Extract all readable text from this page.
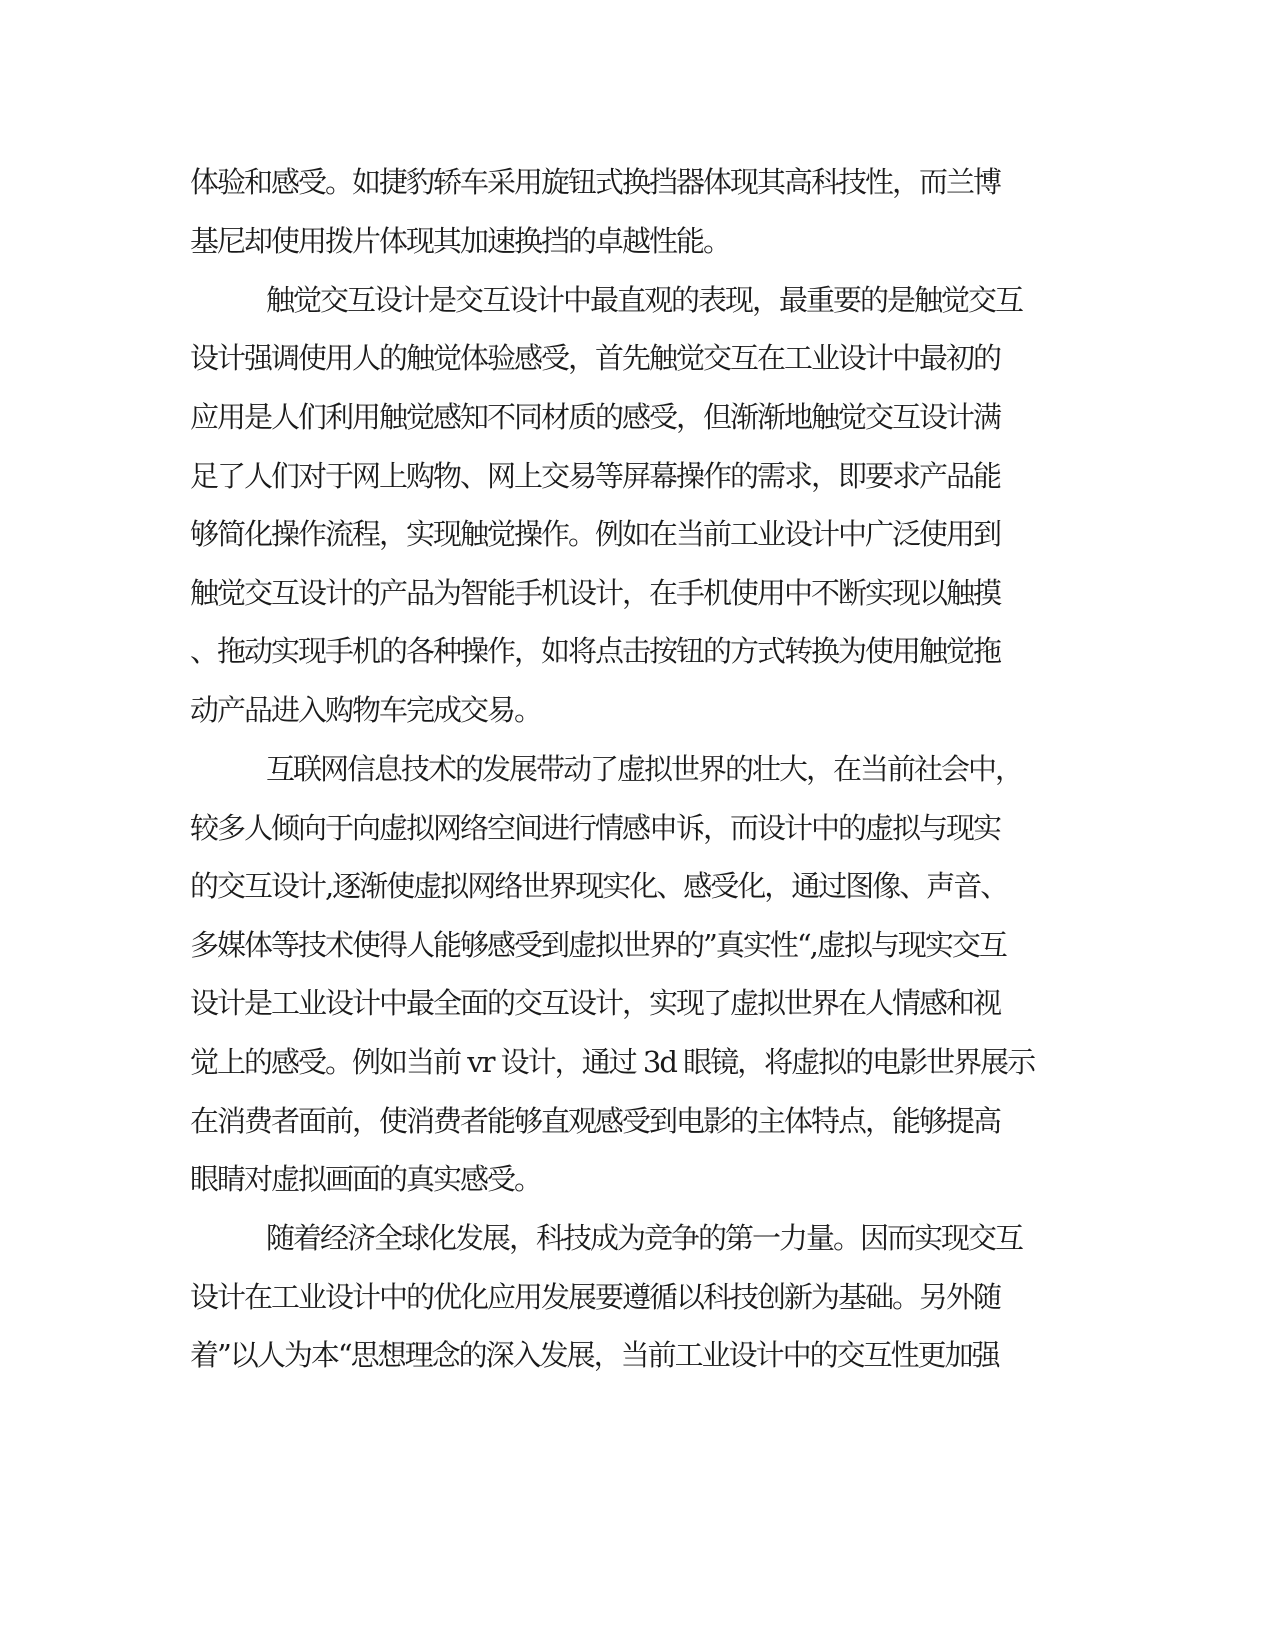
体验和感受。如捷豹轿车采用旋钮式换挡器体现其高科技性，而兰博
基尼却使用拨片体现其加速换挡的卓越性能。
触觉交互设计是交互设计中最直观的表现，最重要的是触觉交互
设计强调使用人的触觉体验感受，首先触觉交互在工业设计中最初的
应用是人们利用触觉感知不同材质的感受，但渐渐地触觉交互设计满
足了人们对于网上购物、网上交易等屏幕操作的需求，即要求产品能
够简化操作流程，实现触觉操作。例如在当前工业设计中广泛使用到
触觉交互设计的产品为智能手机设计，在手机使用中不断实现以触摸
、拖动实现手机的各种操作，如将点击按钮的方式转换为使用触觉拖
动产品进入购物车完成交易。
互联网信息技术的发展带动了虚拟世界的壮大，在当前社会中，
较多人倾向于向虚拟网络空间进行情感申诉，而设计中的虚拟与现实
的交互设计,逐渐使虚拟网络世界现实化、感受化，通过图像、声音、
多媒体等技术使得人能够感受到虚拟世界的”真实性“,虚拟与现实交互
设计是工业设计中最全面的交互设计，实现了虚拟世界在人情感和视
觉上的感受。例如当前 vr 设计，通过 3d 眼镜，将虚拟的电影世界展示
在消费者面前，使消费者能够直观感受到电影的主体特点，能够提高
眼睛对虚拟画面的真实感受。
随着经济全球化发展，科技成为竞争的第一力量。因而实现交互
设计在工业设计中的优化应用发展要遵循以科技创新为基础。另外随
着”以人为本“思想理念的深入发展，当前工业设计中的交互性更加强
